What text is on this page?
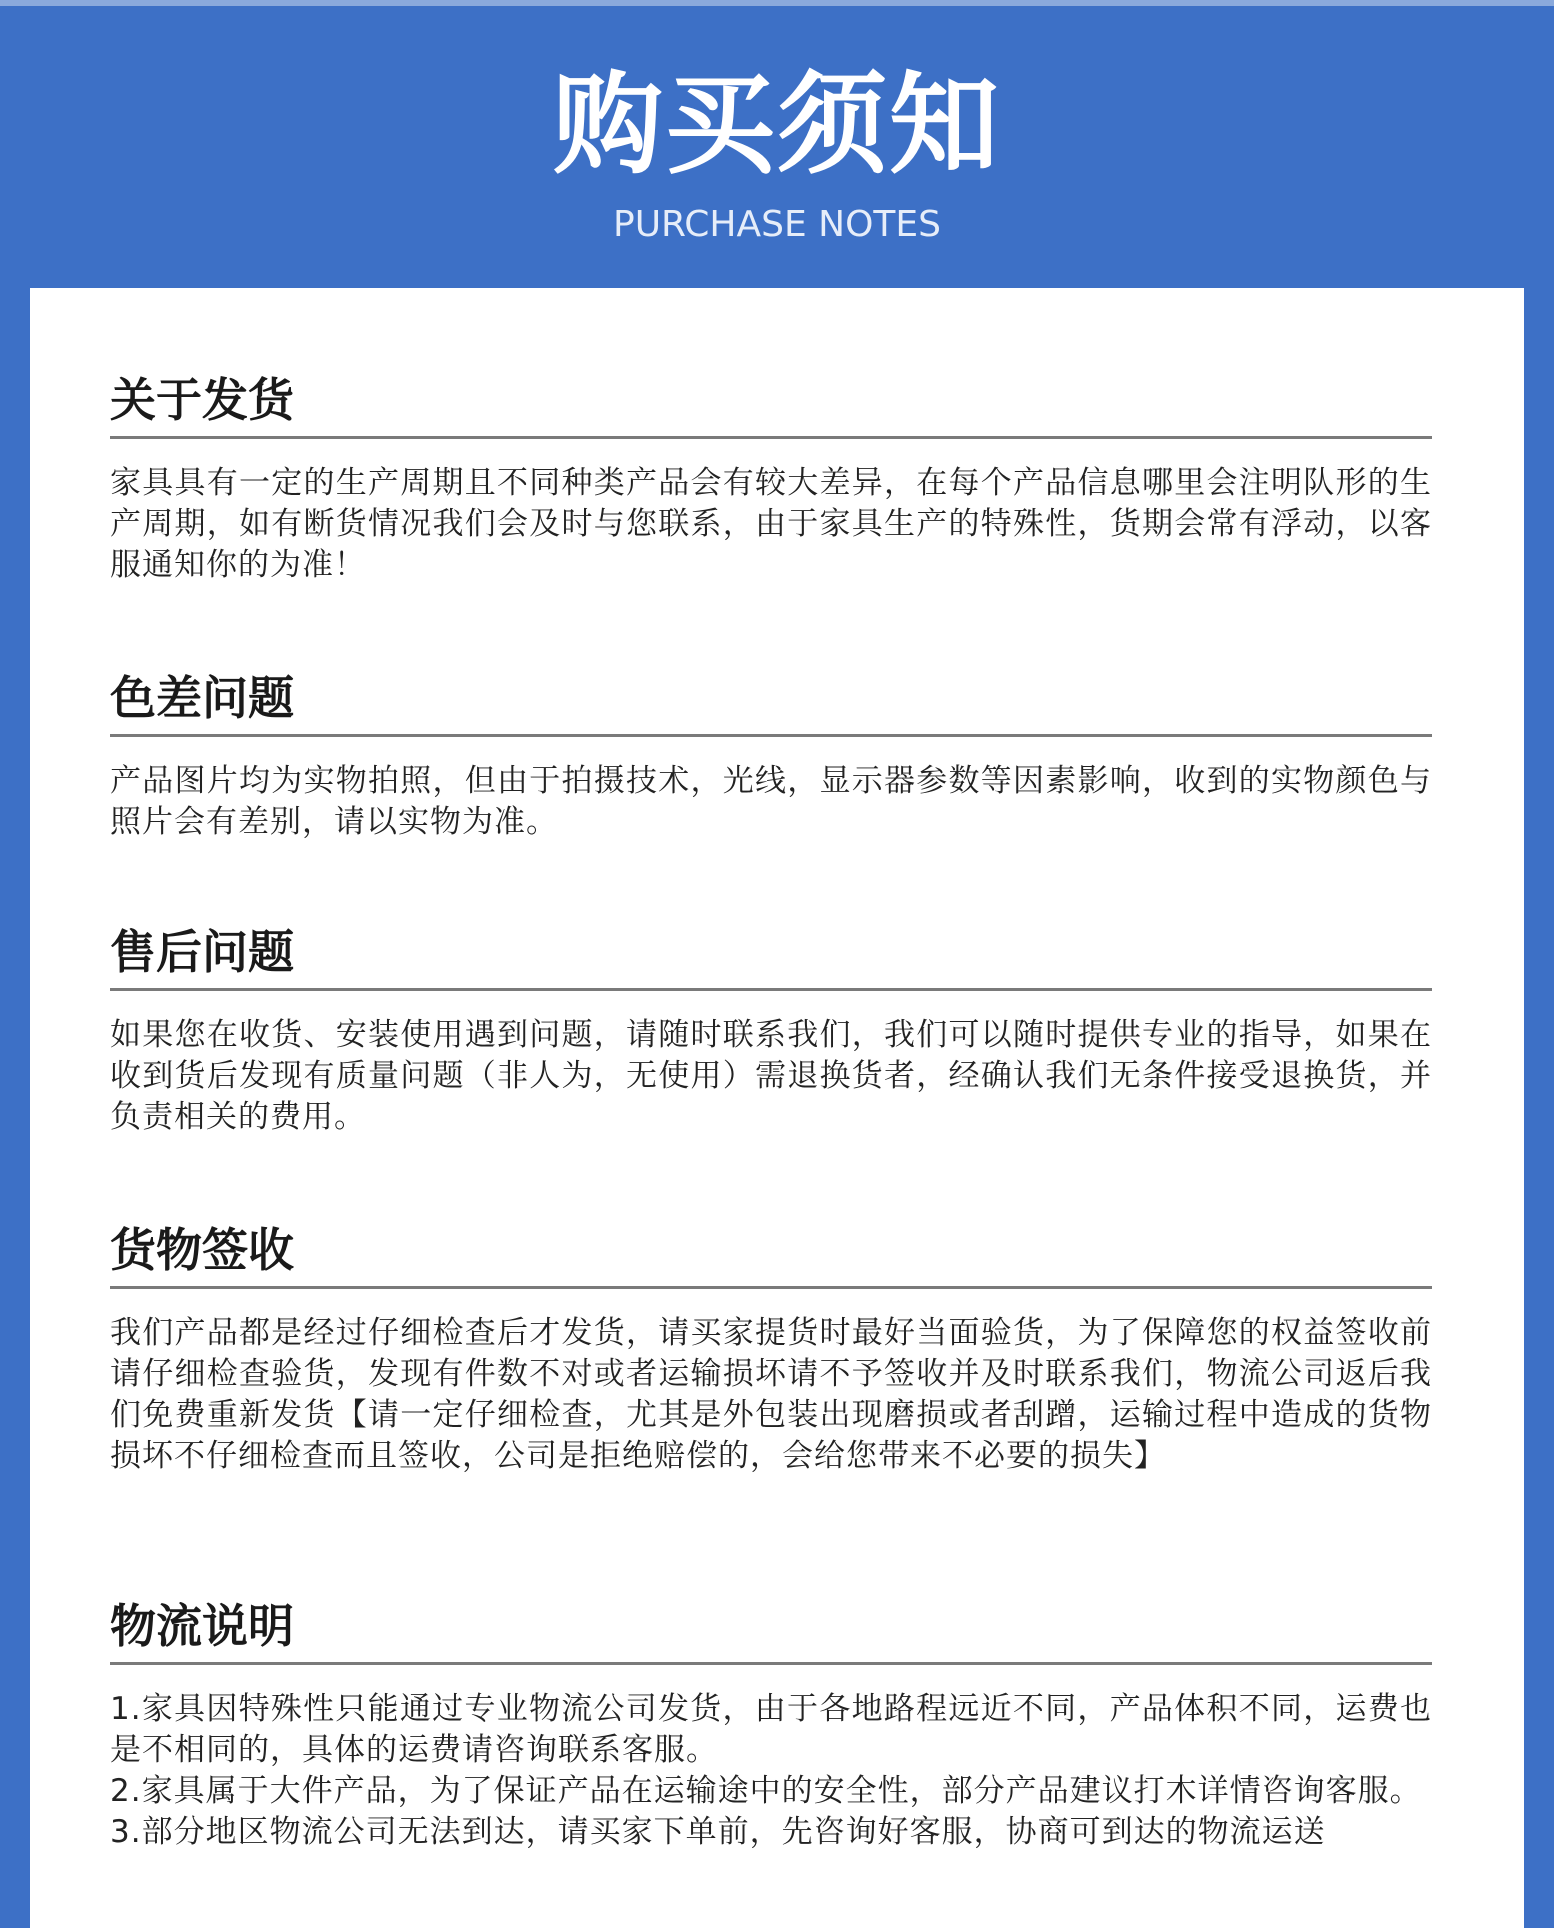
购买须知
PURCHASE NOTES
关于发货

家具具有一定的生产周期且不同种类产品会有较大差异，在每个产品信息哪里会注明队形的生产周期，如有断货情况我们会及时与您联系，由于家具生产的特殊性，货期会常有浮动，以客服通知你的为准！

色差问题

产品图片均为实物拍照，但由于拍摄技术，光线，显示器参数等因素影响，收到的实物颜色与照片会有差别，请以实物为准。

售后问题

如果您在收货、安装使用遇到问题，请随时联系我们，我们可以随时提供专业的指导，如果在收到货后发现有质量问题（非人为，无使用）需退换货者，经确认我们无条件接受退换货，并负责相关的费用。

货物签收

我们产品都是经过仔细检查后才发货，请买家提货时最好当面验货，为了保障您的权益签收前请仔细检查验货，发现有件数不对或者运输损坏请不予签收并及时联系我们，物流公司返后我们免费重新发货【请一定仔细检查，尤其是外包装出现磨损或者刮蹭，运输过程中造成的货物损坏不仔细检查而且签收，公司是拒绝赔偿的，会给您带来不必要的损失】

物流说明

1.家具因特殊性只能通过专业物流公司发货，由于各地路程远近不同，产品体积不同，运费也是不相同的，具体的运费请咨询联系客服。

2.家具属于大件产品，为了保证产品在运输途中的安全性，部分产品建议打木详情咨询客服。

3.部分地区物流公司无法到达，请买家下单前，先咨询好客服，协商可到达的物流运送
